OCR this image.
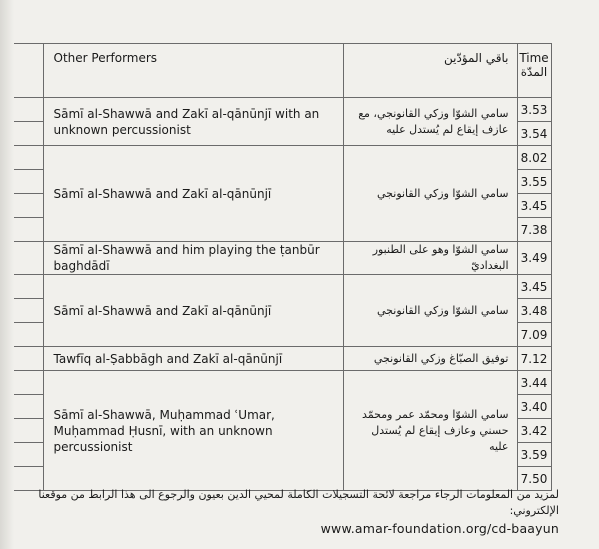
	Other Performers	باقي المؤدّين	Time
المدّة

	Sāmī al-Shawwā and Zakī al-qānūnjī with an unknown percussionist	سامي الشوّا وزكي القانونجي، مع عازف إيقاع لم يُستدل عليه	3.53
			3.54
	Sāmī al-Shawwā and Zakī al-qānūnjī	سامي الشوّا وزكي القانونجي	8.02
			3.55
			3.45
			7.38
	Sāmī al-Shawwā and him playing the ṭanbūr baghdādī	سامي الشوّا وهو على الطنبور البغداديّ	3.49
	Sāmī al-Shawwā and Zakī al-qānūnjī	سامي الشوّا وزكي القانونجي	3.45
			3.48
			7.09
	Tawfīq al-Ṣabbāgh and Zakī al-qānūnjī	توفيق الصبّاغ وزكي القانونجي	7.12
	Sāmī al-Shawwā, Muḥammad ʿUmar, Muḥammad Ḥusnī, with an unknown percussionist	سامي الشوّا ومحمّد عمر ومحمّد حسني وعازف إيقاع لم يُستدل عليه	3.44
			3.40
			3.42
			3.59
			7.50
لمزيد من المعلومات الرجاء مراجعة لائحة التسجيلات الكاملة لمحيي الدين بعيون والرجوع الى هذا الرابط من موقعنا الإلكتروني:
www.amar-foundation.org/cd-baayun
